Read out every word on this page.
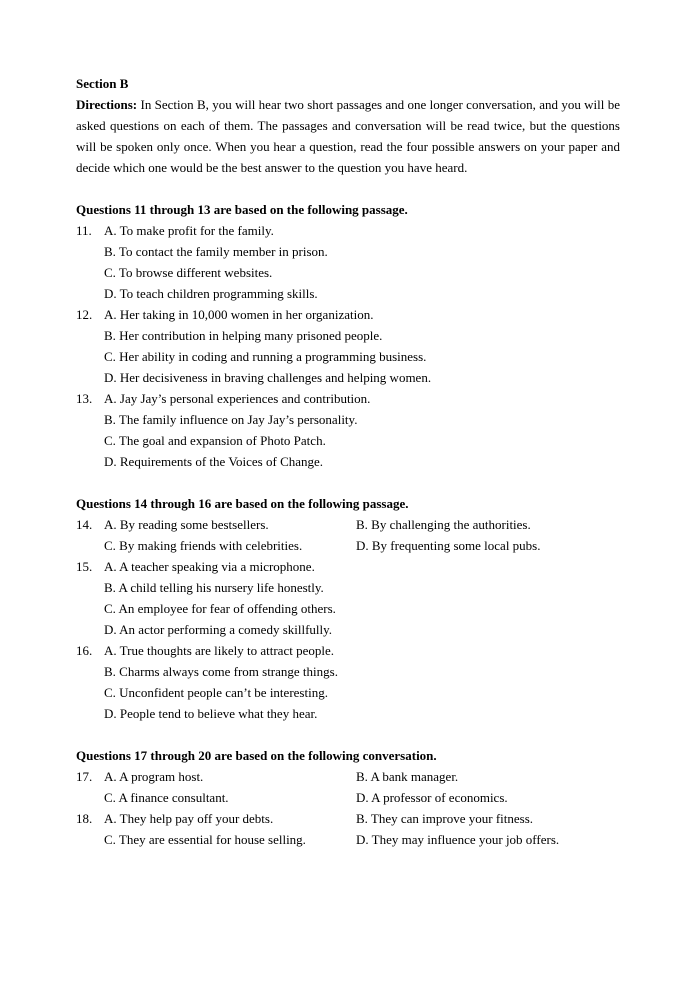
Section B
Directions: In Section B, you will hear two short passages and one longer conversation, and you will be asked questions on each of them. The passages and conversation will be read twice, but the questions will be spoken only once. When you hear a question, read the four possible answers on your paper and decide which one would be the best answer to the question you have heard.
Questions 11 through 13 are based on the following passage.
11. A. To make profit for the family.
B. To contact the family member in prison.
C. To browse different websites.
D. To teach children programming skills.
12. A. Her taking in 10,000 women in her organization.
B. Her contribution in helping many prisoned people.
C. Her ability in coding and running a programming business.
D. Her decisiveness in braving challenges and helping women.
13. A. Jay Jay’s personal experiences and contribution.
B. The family influence on Jay Jay’s personality.
C. The goal and expansion of Photo Patch.
D. Requirements of the Voices of Change.
Questions 14 through 16 are based on the following passage.
14. A. By reading some bestsellers.	B. By challenging the authorities.
C. By making friends with celebrities.	D. By frequenting some local pubs.
15. A. A teacher speaking via a microphone.
B. A child telling his nursery life honestly.
C. An employee for fear of offending others.
D. An actor performing a comedy skillfully.
16. A. True thoughts are likely to attract people.
B. Charms always come from strange things.
C. Unconfident people can’t be interesting.
D. People tend to believe what they hear.
Questions 17 through 20 are based on the following conversation.
17. A. A program host.	B. A bank manager.
C. A finance consultant.	D. A professor of economics.
18. A. They help pay off your debts.	B. They can improve your fitness.
C. They are essential for house selling.	D. They may influence your job offers.
